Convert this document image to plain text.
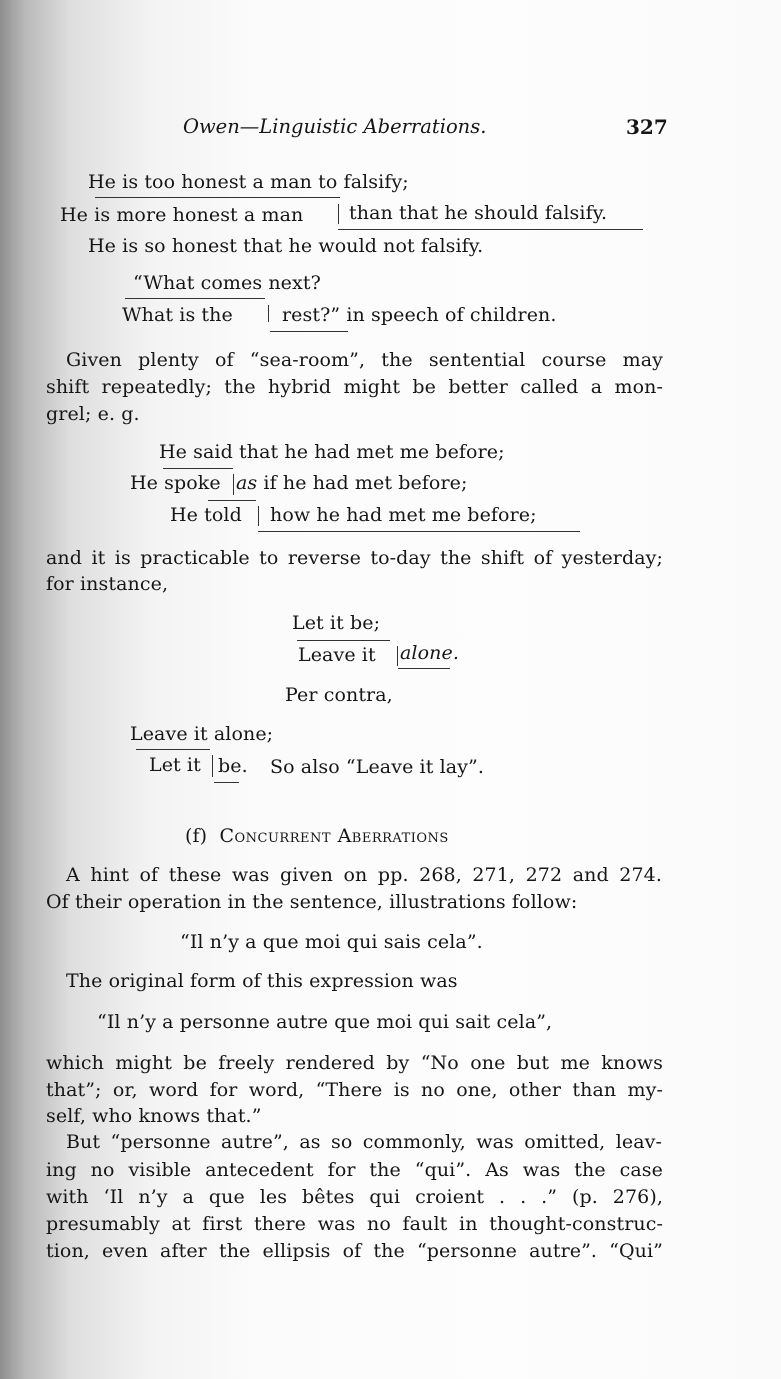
Owen—Linguistic Aberrations.	327
He is too honest a man to falsify;
He is more honest a man than that he should falsify.
He is so honest that he would not falsify.
“What comes next?
What is the	rest?” in speech of children.
Given plenty of “sea-room”, the sentential course may
shift repeatedly; the hybrid might be better called a mon-
grel; e. g.
He said that he had met me before;
He spoke as if he had met before;
He told how he had met me before;
and it is practicable to reverse to-day the shift of yesterday;
for instance,
Let it be;
Leave it alone.
Per contra,
Leave it alone;
Let it be. So also “Leave it lay”.
(f) Concurrent Aberrations
A hint of these was given on pp. 268, 271, 272 and 274.
Of their operation in the sentence, illustrations follow:
“Il n’y a que moi qui sais cela”.
The original form of this expression was
“Il n’y a personne autre que moi qui sait cela”,
which might be freely rendered by “No one but me knows
that”; or, word for word, “There is no one, other than my-
self, who knows that.”
But “personne autre”, as so commonly, was omitted, leav-
ing no visible antecedent for the “qui”. As was the case
with ‘Il n’y a que les bêtes qui croient . . .” (p. 276),
presumably at first there was no fault in thought-construc-
tion, even after the ellipsis of the “personne autre”. “Qui”
